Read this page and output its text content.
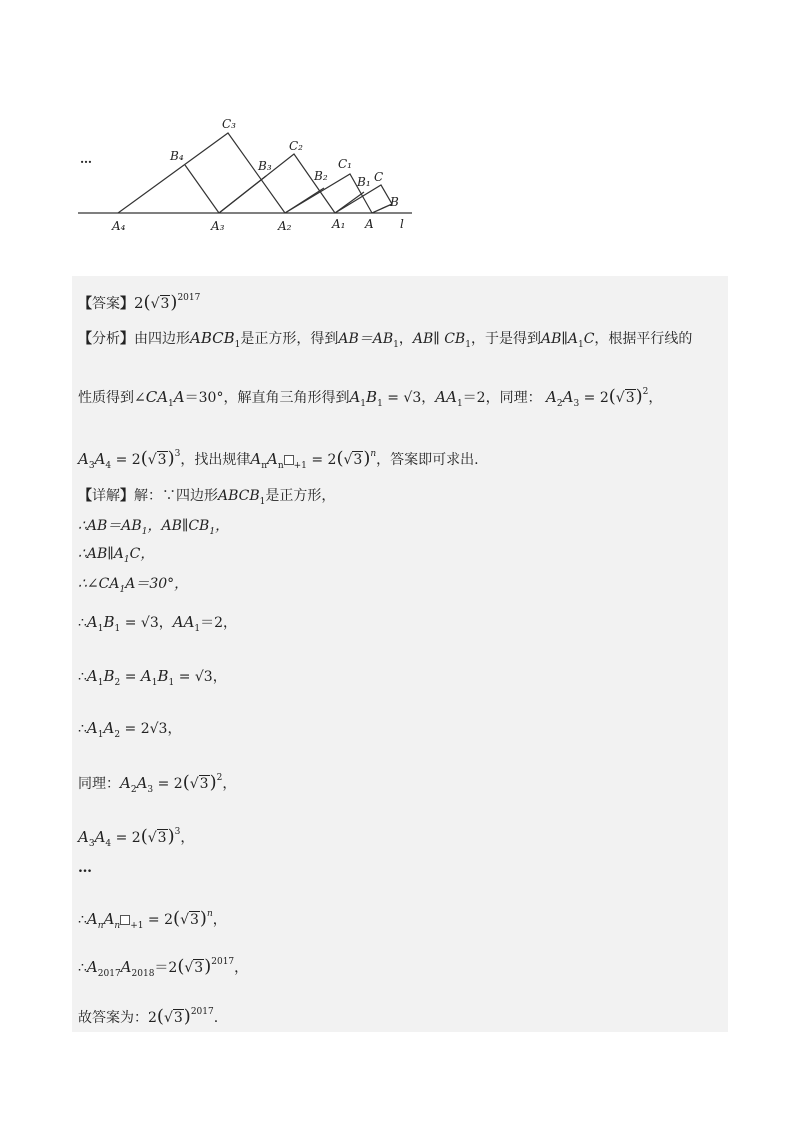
…
A₄	A₃	A₂	A₁ A l
B₄
B₃
B₂ B₁
B
C₃
C₂
C₁
C
【答案】$2(√3)^{2017}$
【分析】由四边形$ABCB_1$是正方形，得到$AB=AB_1$，AB∥ $CB_1$，于是得到$AB\parallel A_1C$，根据平行线的
性质得到$\angle CA_1A=30^\circ$，解直角三角形得到$A_1B_1 = √3$，$AA_1=2$，同理： $A_2A_3 = 2(√3)^2$，
$A_3A_4 = 2(√3)^3$，找出规律$A_nA_n$ $_{+1} = 2(√3)^n$，答案即可求出.
【详解】解：∵四边形$ABCB_1$是正方形，
$\therefore AB=AB_1$，$AB\parallel CB_1$，
$\therefore AB\parallel A_1C$，
$\therefore\angle CA_1A=30^\circ$，
$\therefore A_1B_1 = √3$，$AA_1=2$，
$\therefore A_1B_2 = A_1B_1 = √3$，
$\therefore A_1A_2 = 2√3$，
同理：$A_2A_3 = 2(√3)^2$，
$A_3A_4 = 2(√3)^3$，
…
$\therefore A_nA_n$ $_{+1} = 2(√3)^n$，
$\therefore A_{2017}A_{2018}=2(√3)^{2017}$，
故答案为：$2(√3)^{2017}$.
